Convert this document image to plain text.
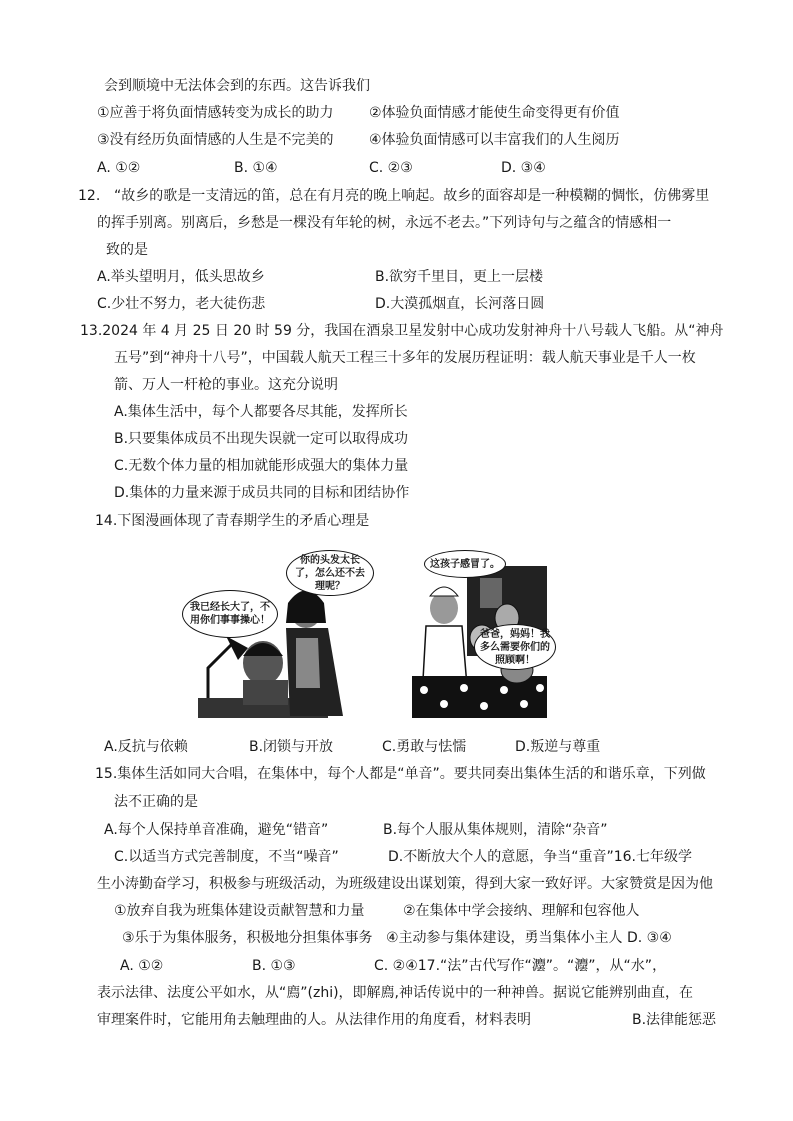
会到顺境中无法体会到的东西。这告诉我们
①应善于将负面情感转变为成长的助力	②体验负面情感才能使生命变得更有价值
③没有经历负面情感的人生是不完美的	④体验负面情感可以丰富我们的人生阅历
A. ①②	B. ①④	C. ②③	D. ③④
12. “故乡的歌是一支清远的笛，总在有月亮的晚上响起。故乡的面容却是一种模糊的惆怅，仿佛雾里
的挥手别离。别离后，乡愁是一棵没有年轮的树，永远不老去。”下列诗句与之蕴含的情感相一
致的是
A.举头望明月，低头思故乡	B.欲穷千里目，更上一层楼
C.少壮不努力，老大徒伤悲	D.大漠孤烟直，长河落日圆
13.2024 年 4 月 25 日 20 时 59 分，我国在酒泉卫星发射中心成功发射神舟十八号载人飞船。从“神舟
五号”到“神舟十八号”，中国载人航天工程三十多年的发展历程证明：载人航天事业是千人一枚
箭、万人一杆枪的事业。这充分说明
A.集体生活中，每个人都要各尽其能，发挥所长
B.只要集体成员不出现失误就一定可以取得成功
C.无数个体力量的相加就能形成强大的集体力量
D.集体的力量来源于成员共同的目标和团结协作
14.下图漫画体现了青春期学生的矛盾心理是
你的头发太长了，怎么还不去理呢？
我已经长大了，不用你们事事操心！
这孩子感冒了。
爸爸，妈妈！我多么需要你们的照顾啊！
A.反抗与依赖	B.闭锁与开放	C.勇敢与怯懦	D.叛逆与尊重
15.集体生活如同大合唱，在集体中，每个人都是“单音”。要共同奏出集体生活的和谐乐章，下列做
法不正确的是
A.每个人保持单音准确，避免“错音”	B.每个人服从集体规则，清除“杂音”
C.以适当方式完善制度，不当“噪音”	D.不断放大个人的意愿，争当“重音”16.七年级学
生小涛勤奋学习，积极参与班级活动，为班级建设出谋划策，得到大家一致好评。大家赞赏是因为他
①放弃自我为班集体建设贡献智慧和力量	②在集体中学会接纳、理解和包容他人
③乐于为集体服务，积极地分担集体事务 ④主动参与集体建设，勇当集体小主人 D. ③④
A. ①②	B. ①③	C. ②④17.“法”古代写作“灋”。“灋”，从“水”，
表示法律、法度公平如水，从“廌”(zhi)，即解廌,神话传说中的一种神兽。据说它能辨别曲直，在
审理案件时，它能用角去触理曲的人。从法律作用的角度看，材料表明	B.法律能惩恶
